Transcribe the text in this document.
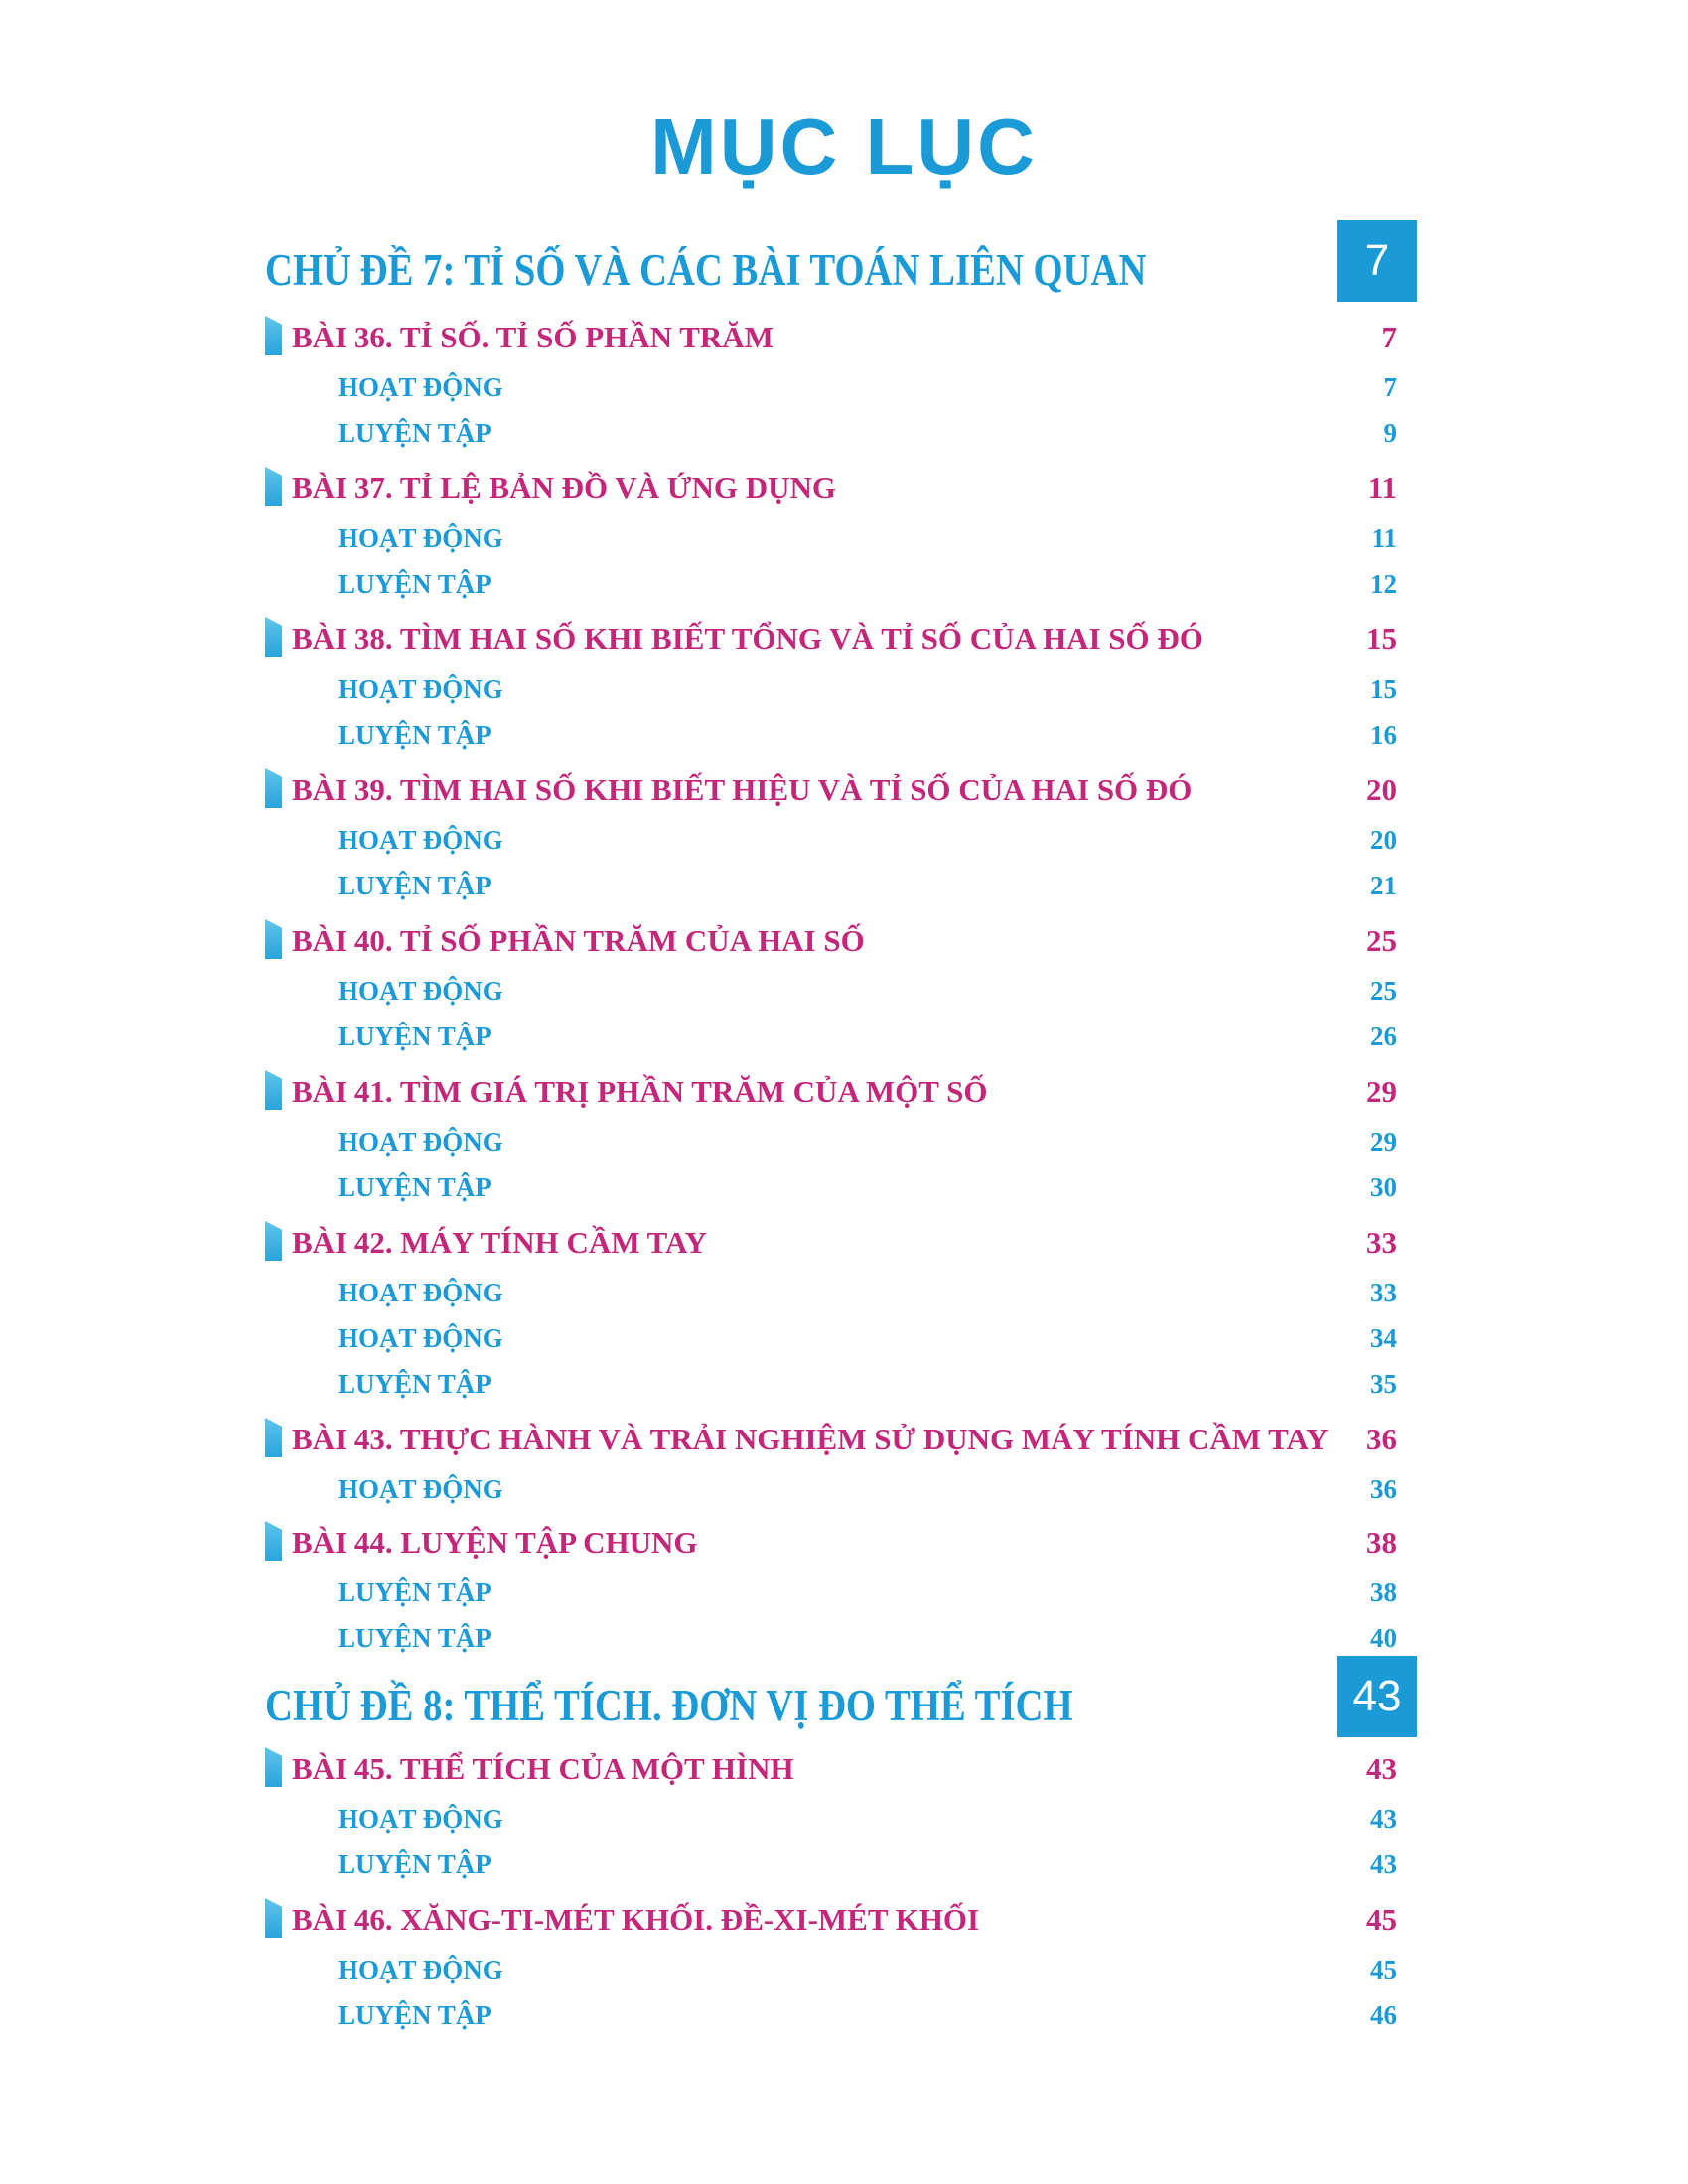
MỤC LỤC
CHỦ ĐỀ 7: TỈ SỐ VÀ CÁC BÀI TOÁN LIÊN QUAN	7
BÀI 36. TỈ SỐ. TỈ SỐ PHẦN TRĂM	7
HOẠT ĐỘNG	7
LUYỆN TẬP	9
BÀI 37. TỈ LỆ BẢN ĐỒ VÀ ỨNG DỤNG	11
HOẠT ĐỘNG	11
LUYỆN TẬP	12
BÀI 38. TÌM HAI SỐ KHI BIẾT TỔNG VÀ TỈ SỐ CỦA HAI SỐ ĐÓ	15
HOẠT ĐỘNG	15
LUYỆN TẬP	16
BÀI 39. TÌM HAI SỐ KHI BIẾT HIỆU VÀ TỈ SỐ CỦA HAI SỐ ĐÓ	20
HOẠT ĐỘNG	20
LUYỆN TẬP	21
BÀI 40. TỈ SỐ PHẦN TRĂM CỦA HAI SỐ	25
HOẠT ĐỘNG	25
LUYỆN TẬP	26
BÀI 41. TÌM GIÁ TRỊ PHẦN TRĂM CỦA MỘT SỐ	29
HOẠT ĐỘNG	29
LUYỆN TẬP	30
BÀI 42. MÁY TÍNH CẦM TAY	33
HOẠT ĐỘNG	33
HOẠT ĐỘNG	34
LUYỆN TẬP	35
BÀI 43. THỰC HÀNH VÀ TRẢI NGHIỆM SỬ DỤNG MÁY TÍNH CẦM TAY 36
HOẠT ĐỘNG	36
BÀI 44. LUYỆN TẬP CHUNG	38
LUYỆN TẬP	38
LUYỆN TẬP	40
CHỦ ĐỀ 8: THỂ TÍCH. ĐƠN VỊ ĐO THỂ TÍCH	43
BÀI 45. THỂ TÍCH CỦA MỘT HÌNH	43
HOẠT ĐỘNG	43
LUYỆN TẬP	43
BÀI 46. XĂNG-TI-MÉT KHỐI. ĐỀ-XI-MÉT KHỐI	45
HOẠT ĐỘNG	45
LUYỆN TẬP	46
